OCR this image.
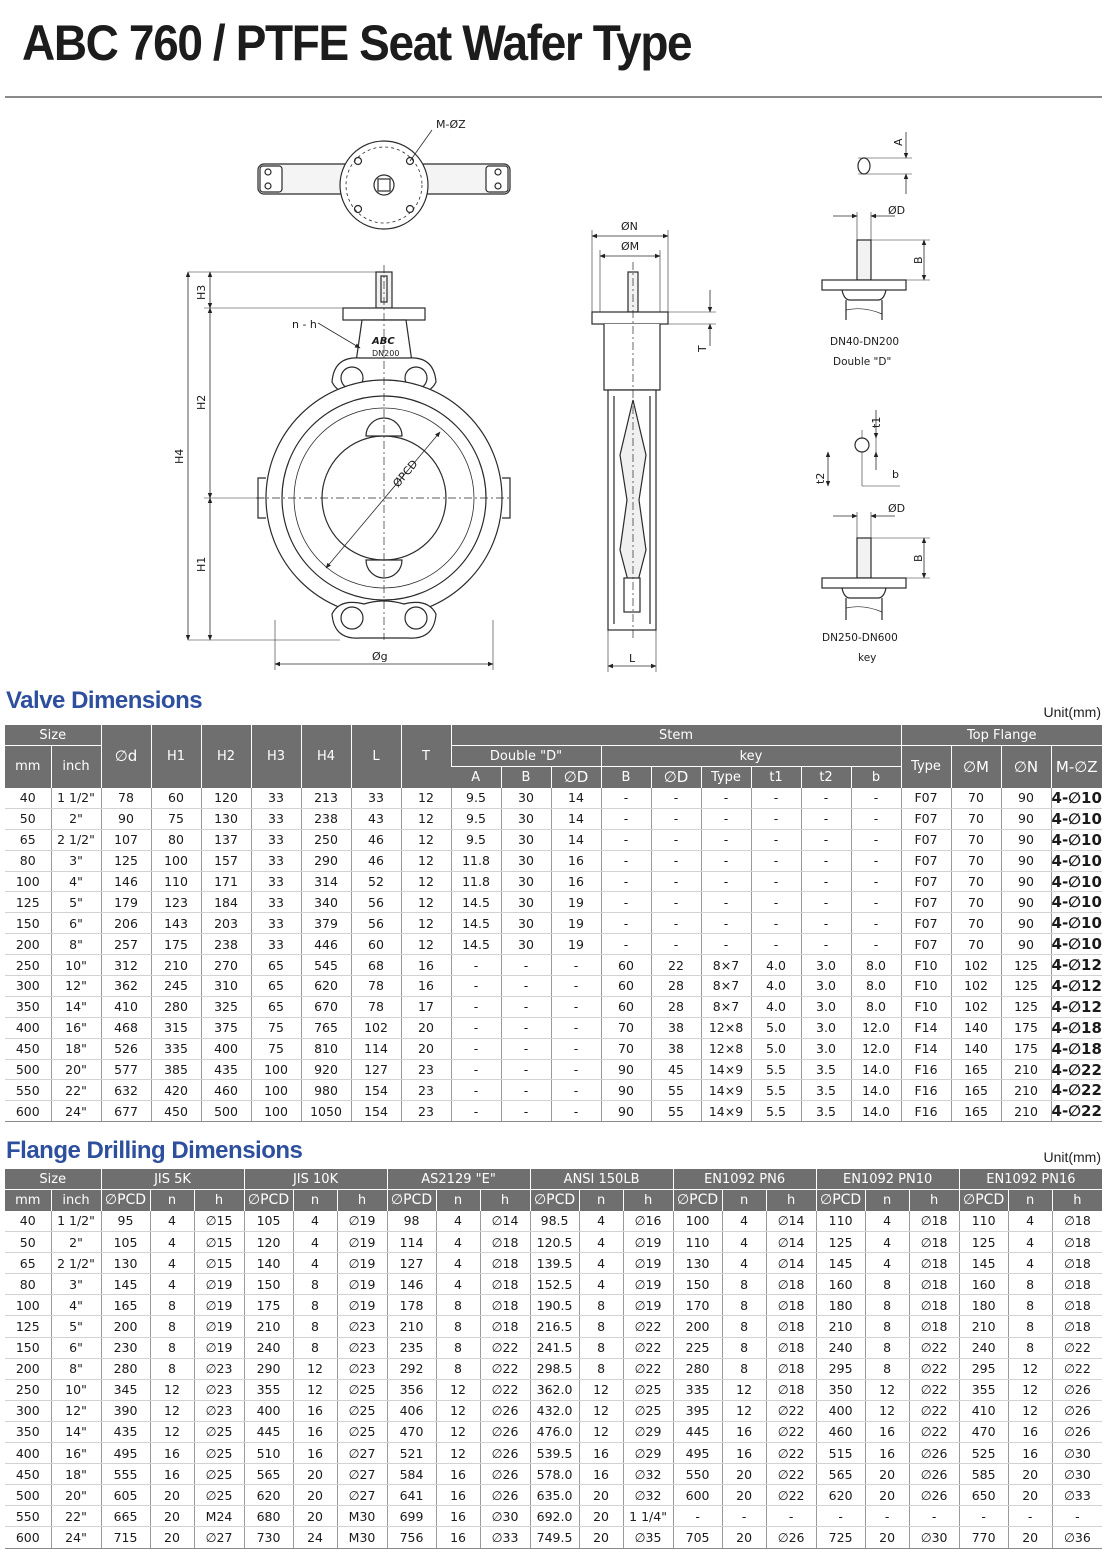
ABC 760 / PTFE Seat Wafer Type
M-ØZ
n - h
ABC
DN200
H3
H2
H4
H1
ØPCD
Øg
ØN
ØM
T
L
A
ØD
B
DN40-DN200
Double "D"
t1
t2	b
ØD
B
DN250-DN600
key
Valve Dimensions	Unit(mm)
Size		∅d	H1	H2	H3	H4	L	T	Stem									Top Flange			
mm	inch								Double "D"			key						Type	∅M	∅N	M-∅Z
									A	B	∅D	B	∅D	Type	t1	t2	b				
40	1 1/2"	78	60	120	33	213	33	12	9.5	30	14	-	-	-	-	-	-	F07	70	90	4-∅10
50	2"	90	75	130	33	238	43	12	9.5	30	14	-	-	-	-	-	-	F07	70	90	4-∅10
65	2 1/2"	107	80	137	33	250	46	12	9.5	30	14	-	-	-	-	-	-	F07	70	90	4-∅10
80	3"	125	100	157	33	290	46	12	11.8	30	16	-	-	-	-	-	-	F07	70	90	4-∅10
100	4"	146	110	171	33	314	52	12	11.8	30	16	-	-	-	-	-	-	F07	70	90	4-∅10
125	5"	179	123	184	33	340	56	12	14.5	30	19	-	-	-	-	-	-	F07	70	90	4-∅10
150	6"	206	143	203	33	379	56	12	14.5	30	19	-	-	-	-	-	-	F07	70	90	4-∅10
200	8"	257	175	238	33	446	60	12	14.5	30	19	-	-	-	-	-	-	F07	70	90	4-∅10
250	10"	312	210	270	65	545	68	16	-	-	-	60	22	8×7	4.0	3.0	8.0	F10	102	125	4-∅12
300	12"	362	245	310	65	620	78	16	-	-	-	60	28	8×7	4.0	3.0	8.0	F10	102	125	4-∅12
350	14"	410	280	325	65	670	78	17	-	-	-	60	28	8×7	4.0	3.0	8.0	F10	102	125	4-∅12
400	16"	468	315	375	75	765	102	20	-	-	-	70	38	12×8	5.0	3.0	12.0	F14	140	175	4-∅18
450	18"	526	335	400	75	810	114	20	-	-	-	70	38	12×8	5.0	3.0	12.0	F14	140	175	4-∅18
500	20"	577	385	435	100	920	127	23	-	-	-	90	45	14×9	5.5	3.5	14.0	F16	165	210	4-∅22
550	22"	632	420	460	100	980	154	23	-	-	-	90	55	14×9	5.5	3.5	14.0	F16	165	210	4-∅22
600	24"	677	450	500	100	1050	154	23	-	-	-	90	55	14×9	5.5	3.5	14.0	F16	165	210	4-∅22
Flange Drilling Dimensions	Unit(mm)
Size		JIS 5K			JIS 10K			AS2129 "E"			ANSI 150LB			EN1092 PN6			EN1092 PN10			EN1092 PN16		
mm	inch	∅PCD	n	h	∅PCD	n	h	∅PCD	n	h	∅PCD	n	h	∅PCD	n	h	∅PCD	n	h	∅PCD	n	h
40	1 1/2"	95	4	∅15	105	4	∅19	98	4	∅14	98.5	4	∅16	100	4	∅14	110	4	∅18	110	4	∅18
50	2"	105	4	∅15	120	4	∅19	114	4	∅18	120.5	4	∅19	110	4	∅14	125	4	∅18	125	4	∅18
65	2 1/2"	130	4	∅15	140	4	∅19	127	4	∅18	139.5	4	∅19	130	4	∅14	145	4	∅18	145	4	∅18
80	3"	145	4	∅19	150	8	∅19	146	4	∅18	152.5	4	∅19	150	8	∅18	160	8	∅18	160	8	∅18
100	4"	165	8	∅19	175	8	∅19	178	8	∅18	190.5	8	∅19	170	8	∅18	180	8	∅18	180	8	∅18
125	5"	200	8	∅19	210	8	∅23	210	8	∅18	216.5	8	∅22	200	8	∅18	210	8	∅18	210	8	∅18
150	6"	230	8	∅19	240	8	∅23	235	8	∅22	241.5	8	∅22	225	8	∅18	240	8	∅22	240	8	∅22
200	8"	280	8	∅23	290	12	∅23	292	8	∅22	298.5	8	∅22	280	8	∅18	295	8	∅22	295	12	∅22
250	10"	345	12	∅23	355	12	∅25	356	12	∅22	362.0	12	∅25	335	12	∅18	350	12	∅22	355	12	∅26
300	12"	390	12	∅23	400	16	∅25	406	12	∅26	432.0	12	∅25	395	12	∅22	400	12	∅22	410	12	∅26
350	14"	435	12	∅25	445	16	∅25	470	12	∅26	476.0	12	∅29	445	16	∅22	460	16	∅22	470	16	∅26
400	16"	495	16	∅25	510	16	∅27	521	12	∅26	539.5	16	∅29	495	16	∅22	515	16	∅26	525	16	∅30
450	18"	555	16	∅25	565	20	∅27	584	16	∅26	578.0	16	∅32	550	20	∅22	565	20	∅26	585	20	∅30
500	20"	605	20	∅25	620	20	∅27	641	16	∅26	635.0	20	∅32	600	20	∅22	620	20	∅26	650	20	∅33
550	22"	665	20	M24	680	20	M30	699	16	∅30	692.0	20	1 1/4"	-	-	-	-	-	-	-	-	-
600	24"	715	20	∅27	730	24	M30	756	16	∅33	749.5	20	∅35	705	20	∅26	725	20	∅30	770	20	∅36
